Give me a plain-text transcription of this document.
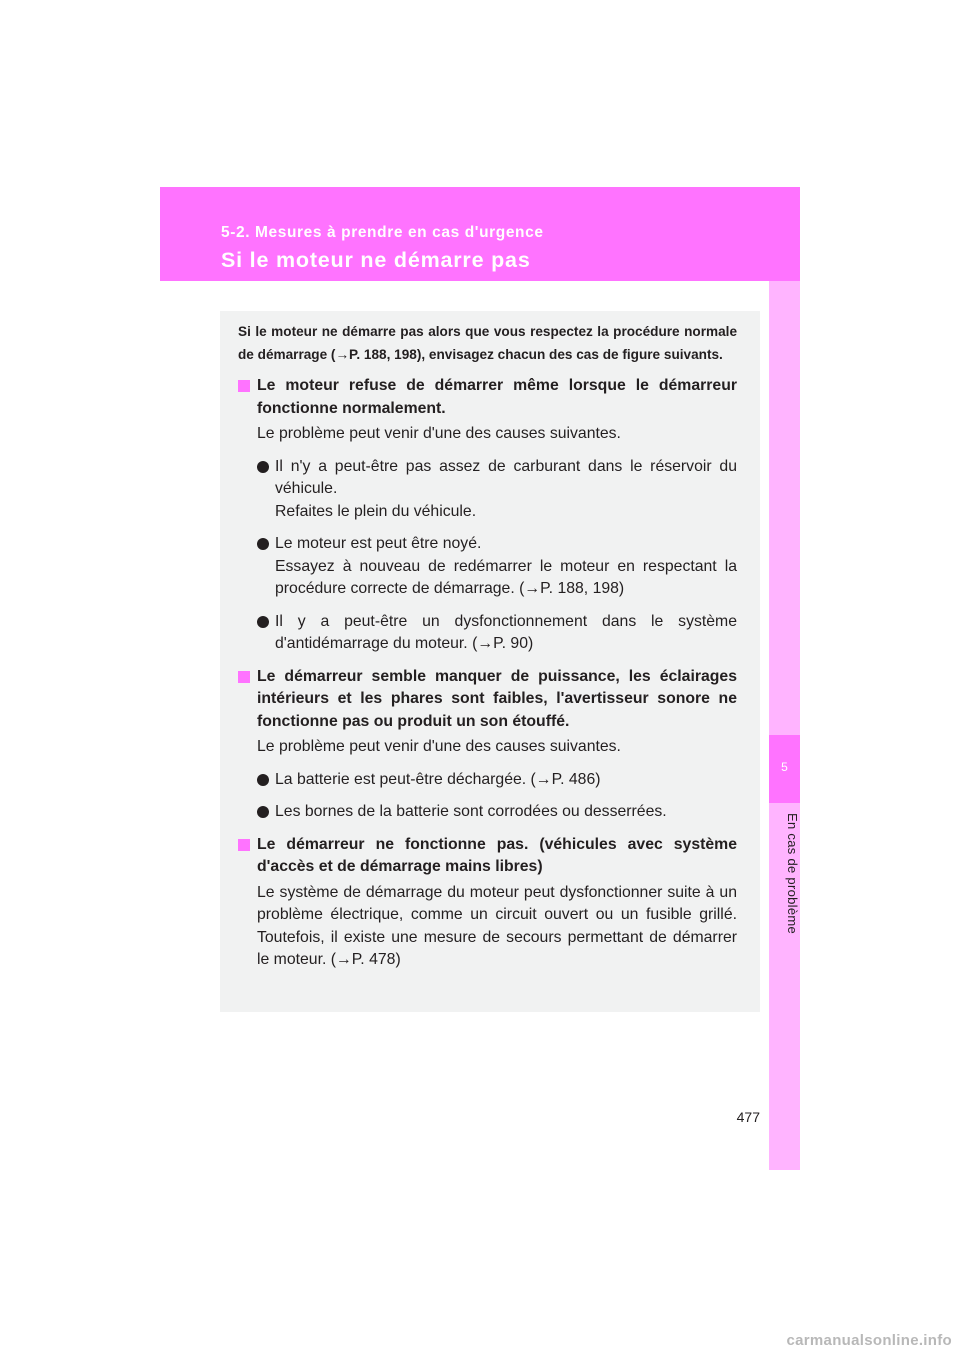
5-2. Mesures à prendre en cas d'urgence
Si le moteur ne démarre pas
5
En cas de problème

Si le moteur ne démarre pas alors que vous respectez la procédure normale de démarrage (→P. 188, 198), envisagez chacun des cas de figure suivants.

Le moteur refuse de démarrer même lorsque le démarreur fonctionne normalement.

Le problème peut venir d'une des causes suivantes.

Il n'y a peut-être pas assez de carburant dans le réservoir du véhicule.
Refaites le plein du véhicule.
Le moteur est peut être noyé.
Essayez à nouveau de redémarrer le moteur en respectant la procédure correcte de démarrage. (→P. 188, 198)
Il y a peut-être un dysfonctionnement dans le système d'antidémarrage du moteur. (→P. 90)
Le démarreur semble manquer de puissance, les éclairages intérieurs et les phares sont faibles, l'avertisseur sonore ne fonctionne pas ou produit un son étouffé.

Le problème peut venir d'une des causes suivantes.

La batterie est peut-être déchargée. (→P. 486)
Les bornes de la batterie sont corrodées ou desserrées.
Le démarreur ne fonctionne pas. (véhicules avec système d'accès et de démarrage mains libres)

Le système de démarrage du moteur peut dysfonctionner suite à un problème électrique, comme un circuit ouvert ou un fusible grillé. Toutefois, il existe une mesure de secours permettant de démarrer le moteur. (→P. 478)

477
carmanualsonline.info
